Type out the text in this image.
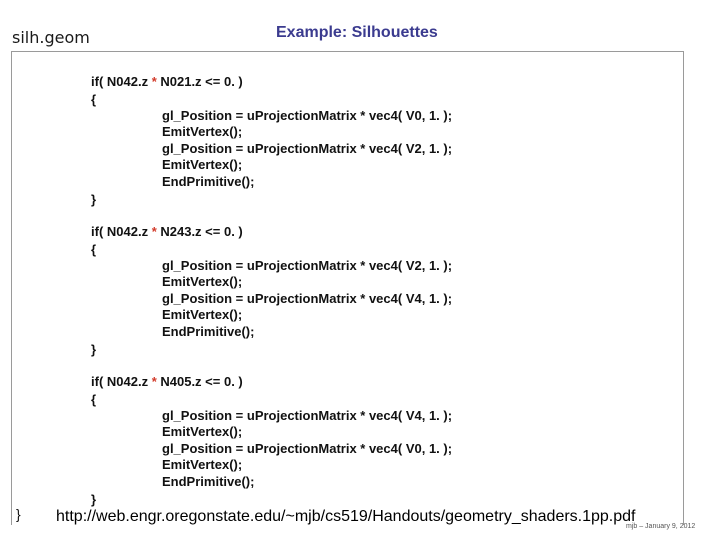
silh.geom	Example: Silhouettes
if( N042.z * N021.z <= 0. )
{
gl_Position = uProjectionMatrix * vec4( V0, 1. );
EmitVertex();
gl_Position = uProjectionMatrix * vec4( V2, 1. );
EmitVertex();
EndPrimitive();
}
if( N042.z * N243.z <= 0. )
{
gl_Position = uProjectionMatrix * vec4( V2, 1. );
EmitVertex();
gl_Position = uProjectionMatrix * vec4( V4, 1. );
EmitVertex();
EndPrimitive();
}
if( N042.z * N405.z <= 0. )
{
gl_Position = uProjectionMatrix * vec4( V4, 1. );
EmitVertex();
gl_Position = uProjectionMatrix * vec4( V0, 1. );
EmitVertex();
EndPrimitive();
}
}
mjb – January 9, 2012
http://web.engr.oregonstate.edu/~mjb/cs519/Handouts/geometry_shaders.1pp.pdf
